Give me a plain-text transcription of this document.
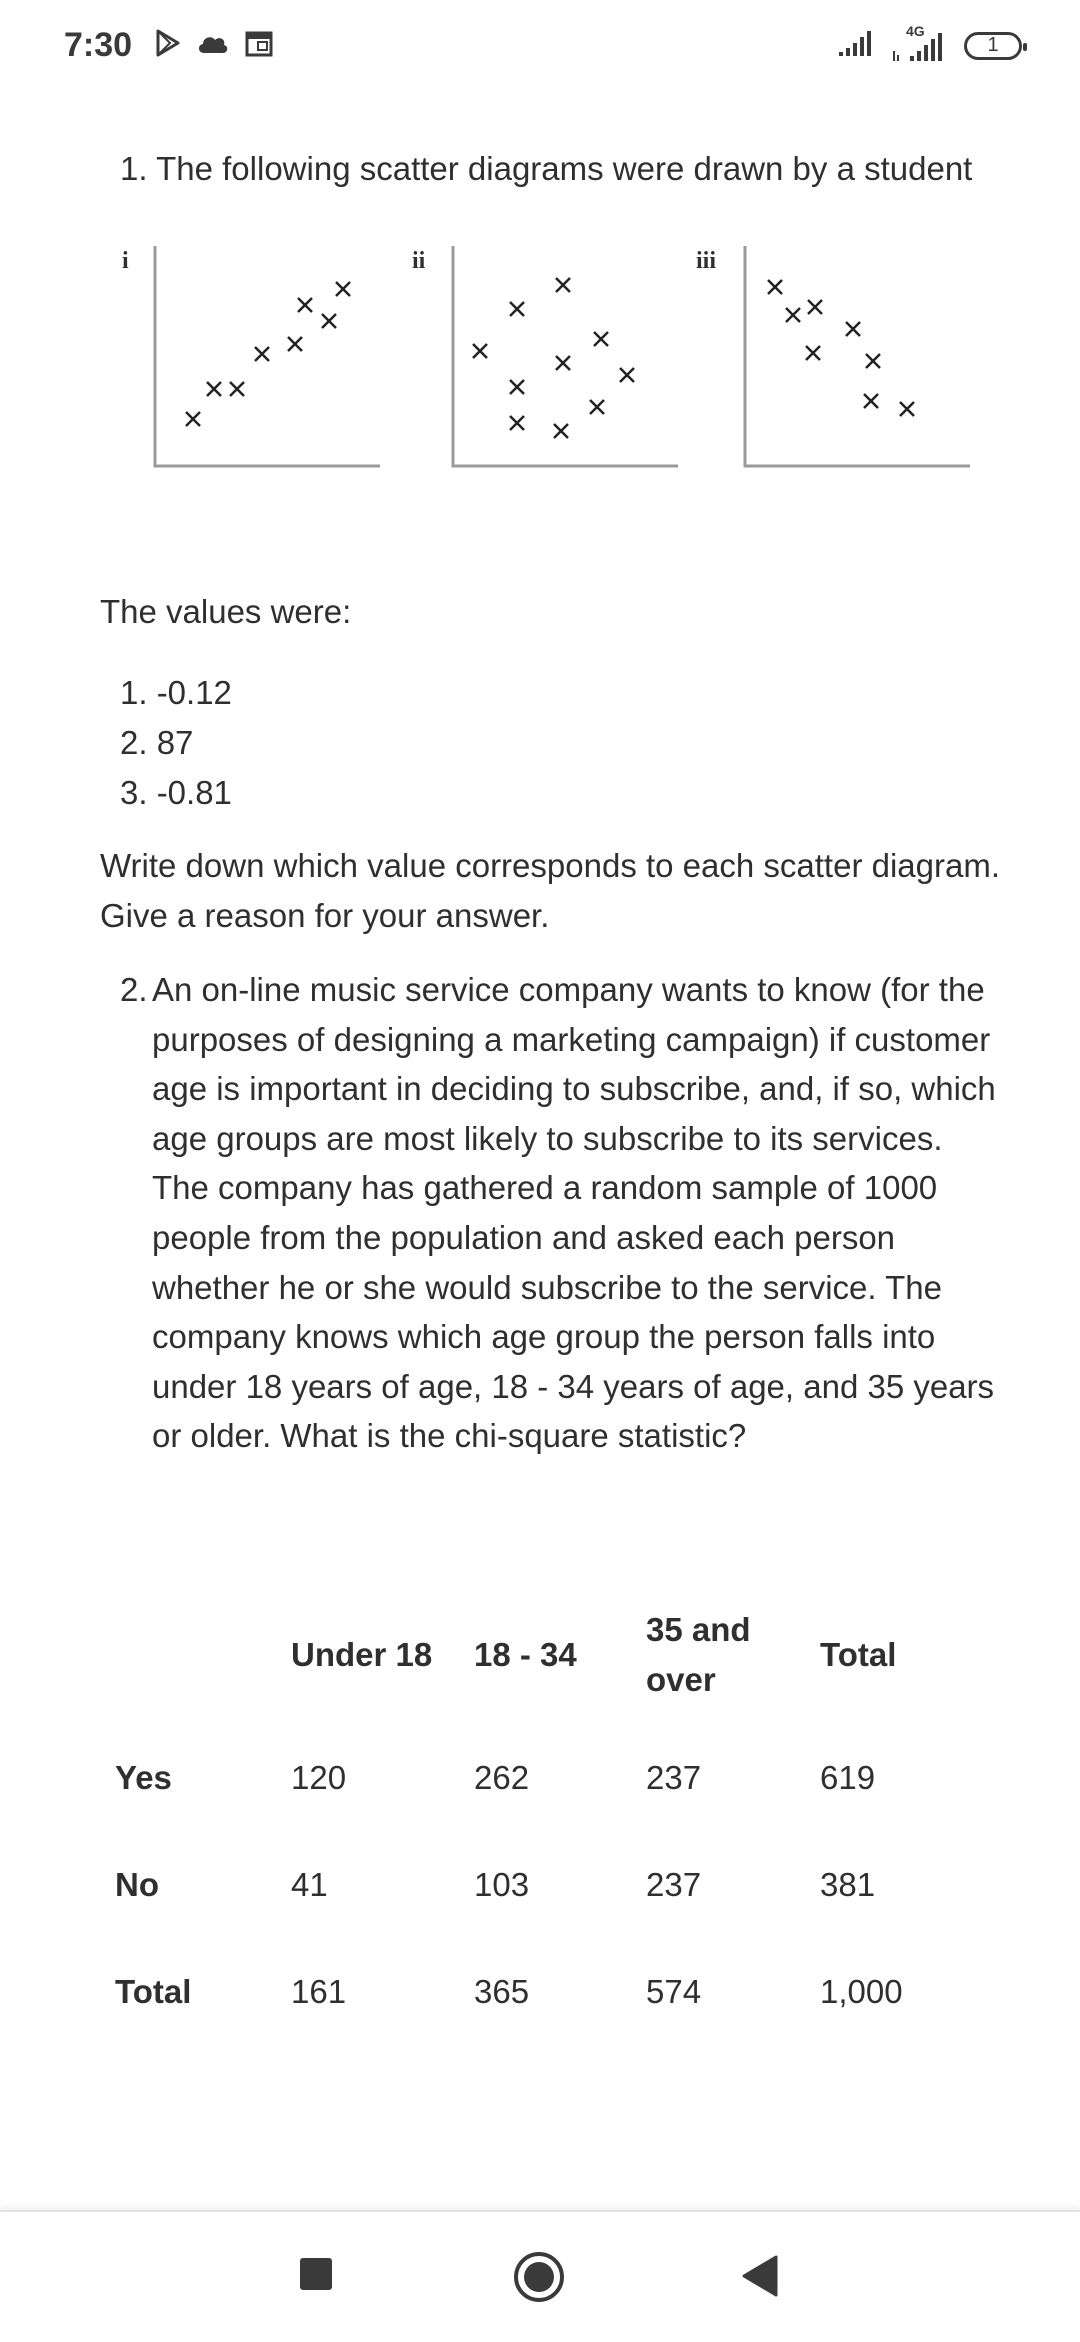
7:30	4G
1
1. The following scatter diagrams were drawn by a student
i	ii	iii
The values were:
1. -0.12
2. 87
3. -0.81
Write down which value corresponds to each scatter diagram. Give a reason for your answer.
2. An on-line music service company wants to know (for the purposes of designing a marketing campaign) if customer age is important in deciding to subscribe, and, if so, which age groups are most likely to subscribe to its services. The company has gathered a random sample of 1000 people from the population and asked each person whether he or she would subscribe to the service. The company knows which age group the person falls into under 18 years of age, 18 - 34 years of age, and 35 years or older. What is the chi-square statistic?
	Under 18	18 - 34	35 and over	Total
Yes	120	262	237	619
No	41	103	237	381
Total	161	365	574	1,000
